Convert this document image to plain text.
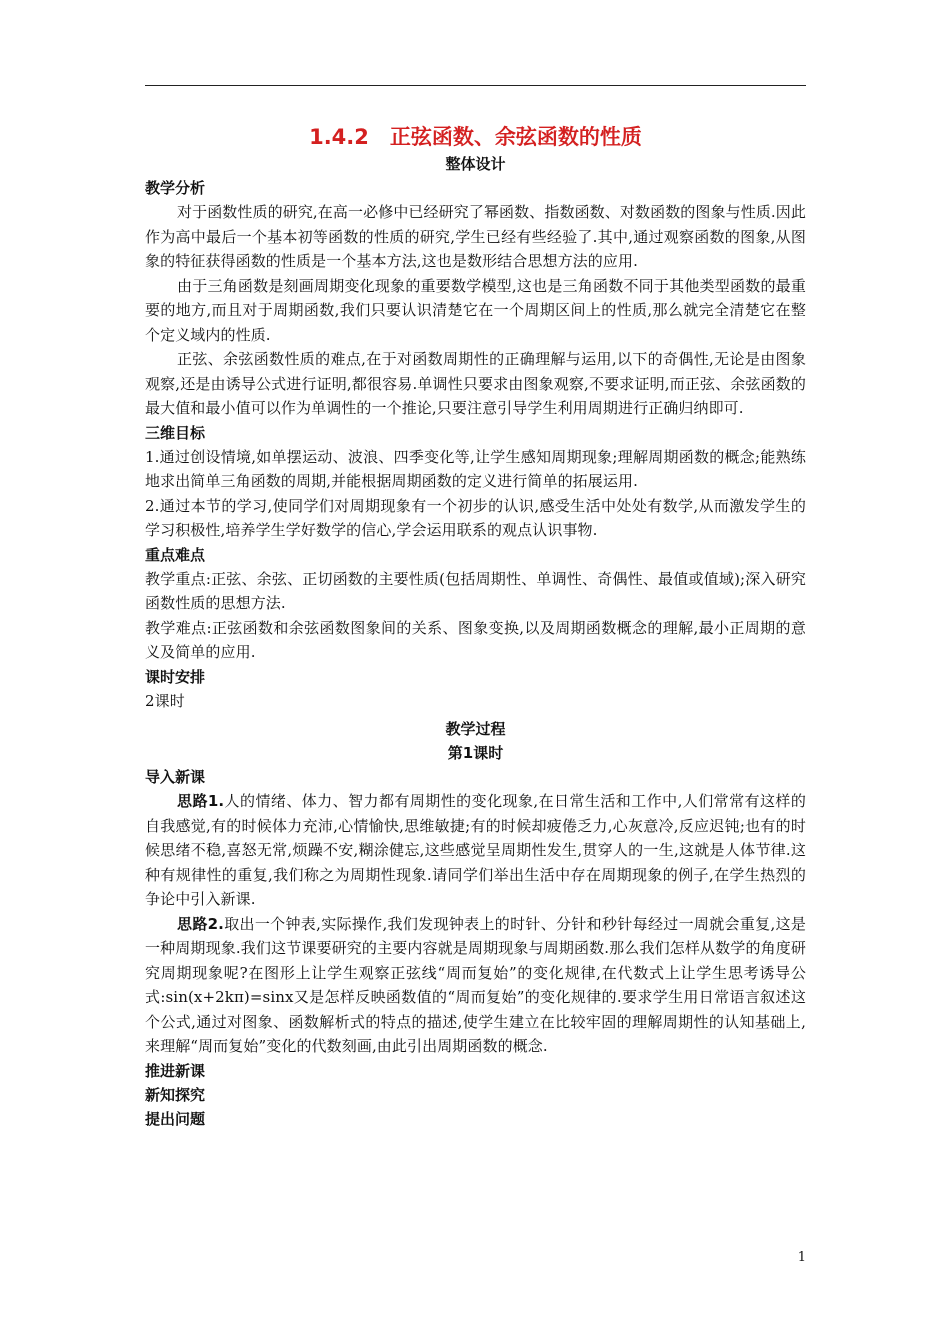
1.4.2　正弦函数、余弦函数的性质
整体设计
教学分析

对于函数性质的研究,在高一必修中已经研究了幂函数、指数函数、对数函数的图象与性质.因此作为高中最后一个基本初等函数的性质的研究,学生已经有些经验了.其中,通过观察函数的图象,从图象的特征获得函数的性质是一个基本方法,这也是数形结合思想方法的应用.

由于三角函数是刻画周期变化现象的重要数学模型,这也是三角函数不同于其他类型函数的最重要的地方,而且对于周期函数,我们只要认识清楚它在一个周期区间上的性质,那么就完全清楚它在整个定义域内的性质.

正弦、余弦函数性质的难点,在于对函数周期性的正确理解与运用,以下的奇偶性,无论是由图象观察,还是由诱导公式进行证明,都很容易.单调性只要求由图象观察,不要求证明,而正弦、余弦函数的最大值和最小值可以作为单调性的一个推论,只要注意引导学生利用周期进行正确归纳即可.

三维目标

1.通过创设情境,如单摆运动、波浪、四季变化等,让学生感知周期现象;理解周期函数的概念;能熟练地求出简单三角函数的周期,并能根据周期函数的定义进行简单的拓展运用.

2.通过本节的学习,使同学们对周期现象有一个初步的认识,感受生活中处处有数学,从而激发学生的学习积极性,培养学生学好数学的信心,学会运用联系的观点认识事物.

重点难点

教学重点:正弦、余弦、正切函数的主要性质(包括周期性、单调性、奇偶性、最值或值域);深入研究函数性质的思想方法.

教学难点:正弦函数和余弦函数图象间的关系、图象变换,以及周期函数概念的理解,最小正周期的意义及简单的应用.

课时安排

2课时

教学过程
第1课时
导入新课

思路1.人的情绪、体力、智力都有周期性的变化现象,在日常生活和工作中,人们常常有这样的自我感觉,有的时候体力充沛,心情愉快,思维敏捷;有的时候却疲倦乏力,心灰意冷,反应迟钝;也有的时候思绪不稳,喜怒无常,烦躁不安,糊涂健忘,这些感觉呈周期性发生,贯穿人的一生,这就是人体节律.这种有规律性的重复,我们称之为周期性现象.请同学们举出生活中存在周期现象的例子,在学生热烈的争论中引入新课.

思路2.取出一个钟表,实际操作,我们发现钟表上的时针、分针和秒针每经过一周就会重复,这是一种周期现象.我们这节课要研究的主要内容就是周期现象与周期函数.那么我们怎样从数学的角度研究周期现象呢?在图形上让学生观察正弦线“周而复始”的变化规律,在代数式上让学生思考诱导公式:sin(x+2kπ)=sinx又是怎样反映函数值的“周而复始”的变化规律的.要求学生用日常语言叙述这个公式,通过对图象、函数解析式的特点的描述,使学生建立在比较牢固的理解周期性的认知基础上,来理解“周而复始”变化的代数刻画,由此引出周期函数的概念.

推进新课
新知探究
提出问题
1
